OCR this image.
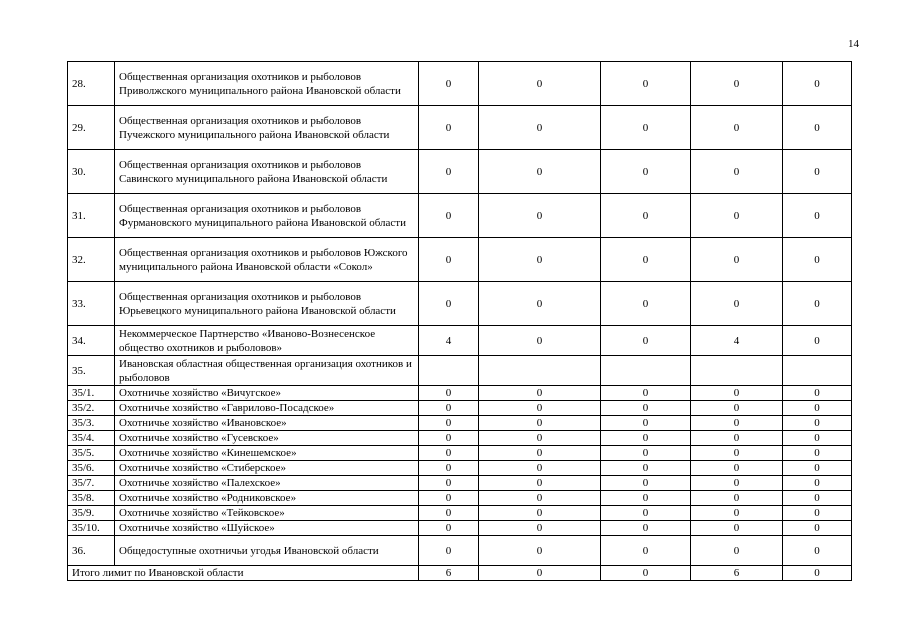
14
28.	Общественная организация охотников и рыболовов Приволжского муниципального района Ивановской области	0	0	0	0	0
29.	Общественная организация охотников и рыболовов Пучежского муниципального района Ивановской области	0	0	0	0	0
30.	Общественная организация охотников и рыболовов Савинского муниципального района Ивановской области	0	0	0	0	0
31.	Общественная организация охотников и рыболовов Фурмановского муниципального района Ивановской области	0	0	0	0	0
32.	Общественная организация охотников и рыболовов Южского муниципального района Ивановской области «Сокол»	0	0	0	0	0
33.	Общественная организация охотников и рыболовов Юрьевецкого муниципального района Ивановской области	0	0	0	0	0
34.	Некоммерческое Партнерство «Иваново-Вознесенское общество охотников и рыболовов»	4	0	0	4	0
35.	Ивановская областная общественная организация охотников и рыболовов					
35/1.	Охотничье хозяйство «Вичугское»	0	0	0	0	0
35/2.	Охотничье хозяйство «Гаврилово-Посадское»	0	0	0	0	0
35/3.	Охотничье хозяйство «Ивановское»	0	0	0	0	0
35/4.	Охотничье хозяйство «Гусевское»	0	0	0	0	0
35/5.	Охотничье хозяйство «Кинешемское»	0	0	0	0	0
35/6.	Охотничье хозяйство «Стиберское»	0	0	0	0	0
35/7.	Охотничье хозяйство «Палехское»	0	0	0	0	0
35/8.	Охотничье хозяйство «Родниковское»	0	0	0	0	0
35/9.	Охотничье хозяйство «Тейковское»	0	0	0	0	0
35/10.	Охотничье хозяйство «Шуйское»	0	0	0	0	0
36.	Общедоступные охотничьи угодья Ивановской области	0	0	0	0	0
Итого лимит по Ивановской области		6	0	0	6	0
